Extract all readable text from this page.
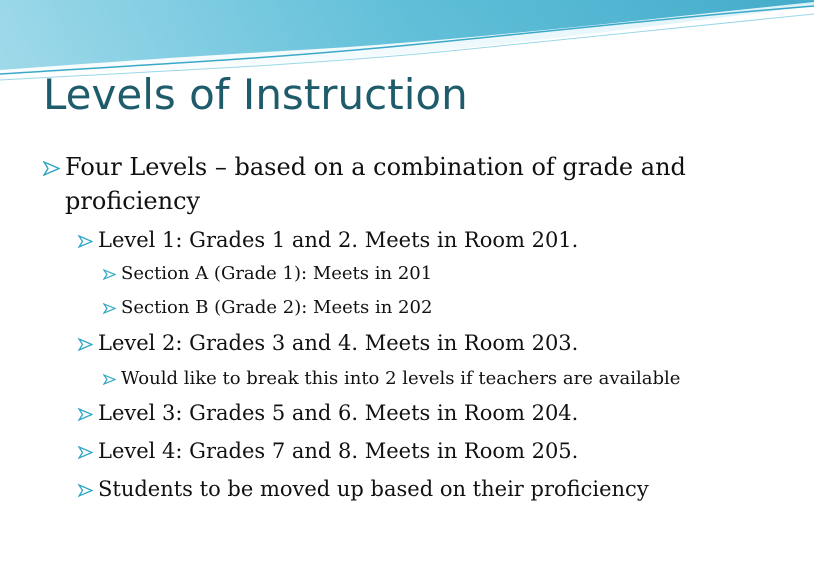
Levels of Instruction
Four Levels – based on a combination of grade and
proficiency
Level 1: Grades 1 and 2. Meets in Room 201.
Section A (Grade 1): Meets in 201
Section B (Grade 2): Meets in 202
Level 2: Grades 3 and 4. Meets in Room 203.
Would like to break this into 2 levels if teachers are available
Level 3: Grades 5 and 6. Meets in Room 204.
Level 4: Grades 7 and 8. Meets in Room 205.
Students to be moved up based on their proficiency
